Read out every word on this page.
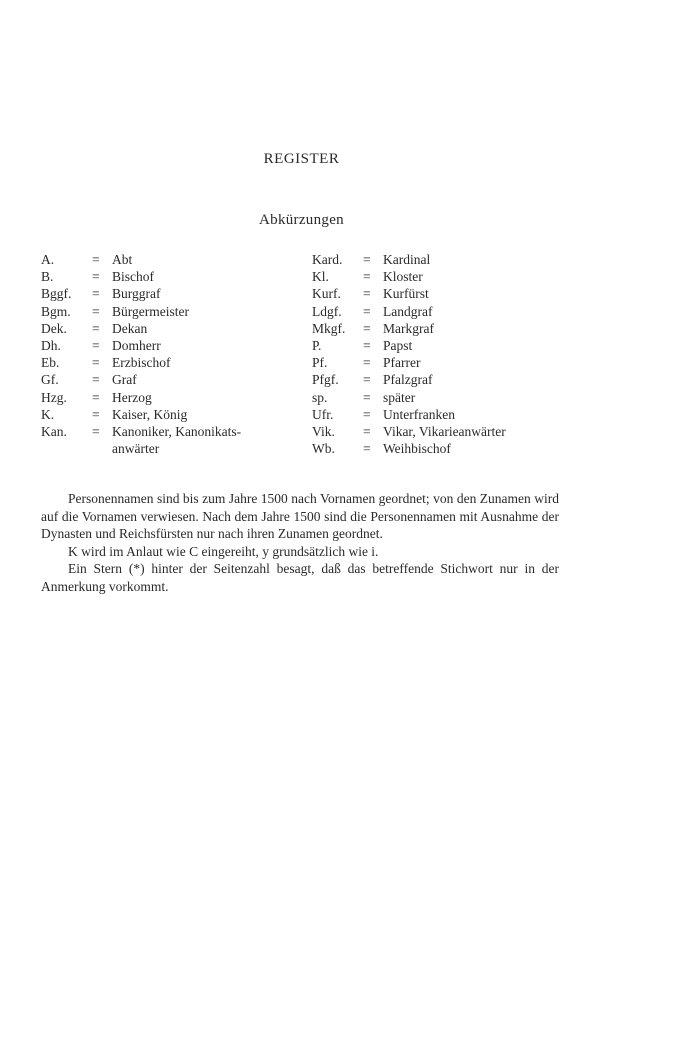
REGISTER
Abkürzungen
A.	= Abt
B.	= Bischof
Bggf.	= Burggraf
Bgm.	= Bürgermeister
Dek.	= Dekan
Dh.	= Domherr
Eb.	= Erzbischof
Gf.	= Graf
Hzg.	= Herzog
K.	= Kaiser, König
Kan.	= Kanoniker, Kanonikats-
anwärter
Kard.	= Kardinal
Kl.	= Kloster
Kurf.	= Kurfürst
Ldgf.	= Landgraf
Mkgf.	= Markgraf
P.	= Papst
Pf.	= Pfarrer
Pfgf.	= Pfalzgraf
sp.	= später
Ufr.	= Unterfranken
Vik.	= Vikar, Vikarieanwärter
Wb.	= Weihbischof

Personennamen sind bis zum Jahre 1500 nach Vornamen geordnet; von den Zunamen wird auf die Vornamen verwiesen. Nach dem Jahre 1500 sind die Personennamen mit Ausnahme der Dynasten und Reichsfürsten nur nach ihren Zunamen geordnet.

K wird im Anlaut wie C eingereiht, y grundsätzlich wie i.

Ein Stern (*) hinter der Seitenzahl besagt, daß das betreffende Stichwort nur in der Anmerkung vorkommt.
